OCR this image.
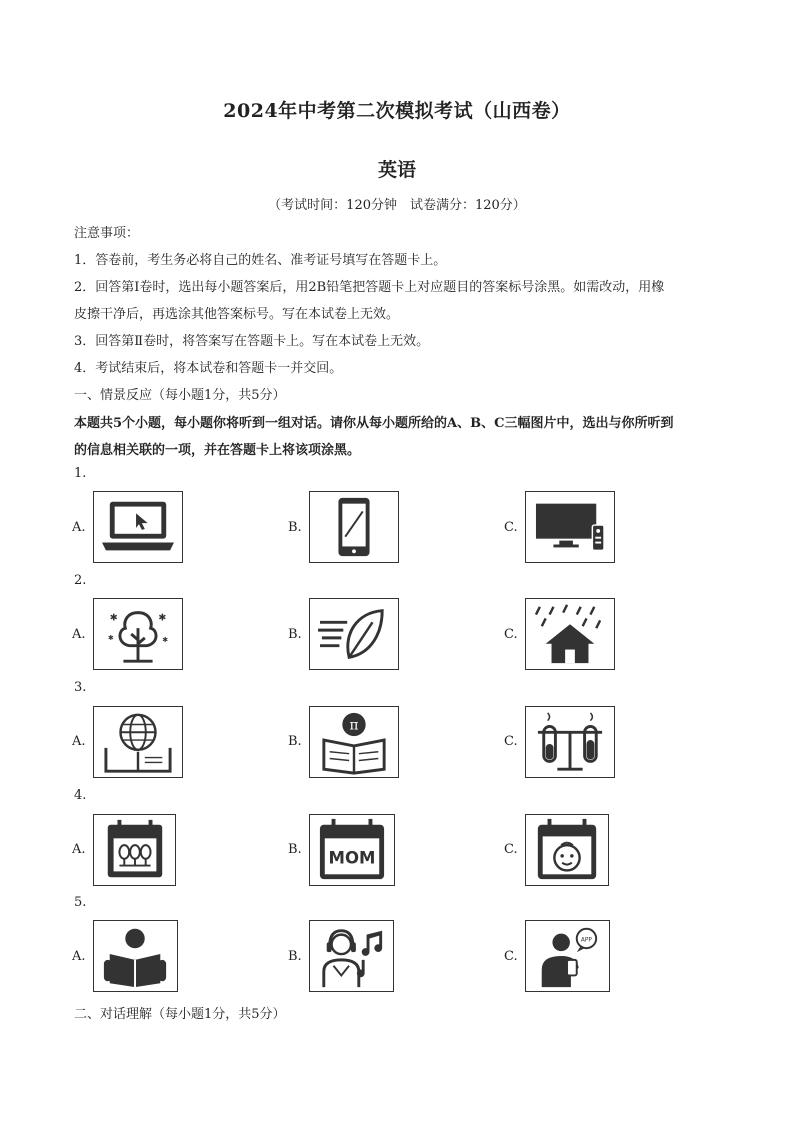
2024年中考第二次模拟考试（山西卷）
英语
（考试时间：120分钟　试卷满分：120分）
注意事项：
1．答卷前，考生务必将自己的姓名、准考证号填写在答题卡上。
2．回答第Ⅰ卷时，选出每小题答案后，用2B铅笔把答题卡上对应题目的答案标号涂黑。如需改动，用橡
皮擦干净后，再选涂其他答案标号。写在本试卷上无效。
3．回答第Ⅱ卷时，将答案写在答题卡上。写在本试卷上无效。
4．考试结束后，将本试卷和答题卡一并交回。
一、情景反应（每小题1分，共5分）
本题共5个小题，每小题你将听到一组对话。请你从每小题所给的A、B、C三幅图片中，选出与你所听到
的信息相关联的一项，并在答题卡上将该项涂黑。
1.
A.	B.	C.
2.
A.
✱	✱
✱	✱	B.	C.
3.
A.	B.
π
C.
4.
A.	B. MOM	C.
5.
A.	B.	C.
APP
二、对话理解（每小题1分，共5分）
